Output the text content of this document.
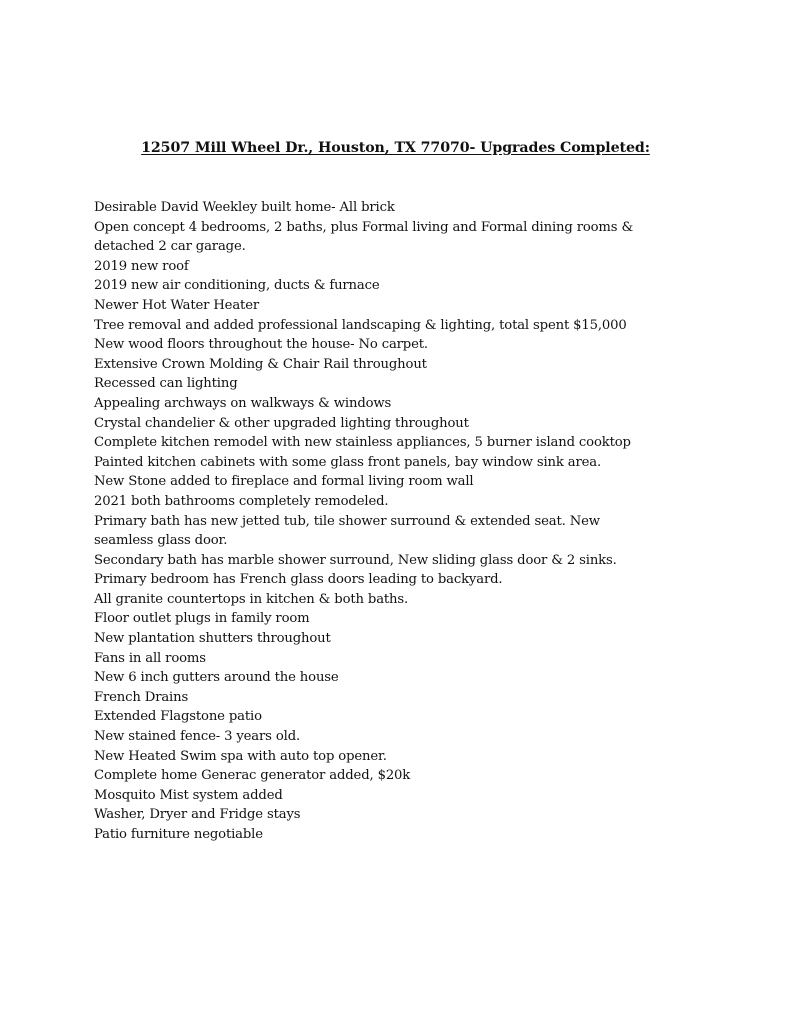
12507 Mill Wheel Dr., Houston, TX 77070- Upgrades Completed:
Desirable David Weekley built home- All brick
Open concept 4 bedrooms, 2 baths, plus Formal living and Formal dining rooms &
detached 2 car garage.
2019 new roof
2019 new air conditioning, ducts & furnace
Newer Hot Water Heater
Tree removal and added professional landscaping & lighting, total spent $15,000
New wood floors throughout the house- No carpet.
Extensive Crown Molding & Chair Rail throughout
Recessed can lighting
Appealing archways on walkways & windows
Crystal chandelier & other upgraded lighting throughout
Complete kitchen remodel with new stainless appliances, 5 burner island cooktop
Painted kitchen cabinets with some glass front panels, bay window sink area.
New Stone added to fireplace and formal living room wall
2021 both bathrooms completely remodeled.
Primary bath has new jetted tub, tile shower surround & extended seat. New
seamless glass door.
Secondary bath has marble shower surround, New sliding glass door & 2 sinks.
Primary bedroom has French glass doors leading to backyard.
All granite countertops in kitchen & both baths.
Floor outlet plugs in family room
New plantation shutters throughout
Fans in all rooms
New 6 inch gutters around the house
French Drains
Extended Flagstone patio
New stained fence- 3 years old.
New Heated Swim spa with auto top opener.
Complete home Generac generator added, $20k
Mosquito Mist system added
Washer, Dryer and Fridge stays
Patio furniture negotiable
